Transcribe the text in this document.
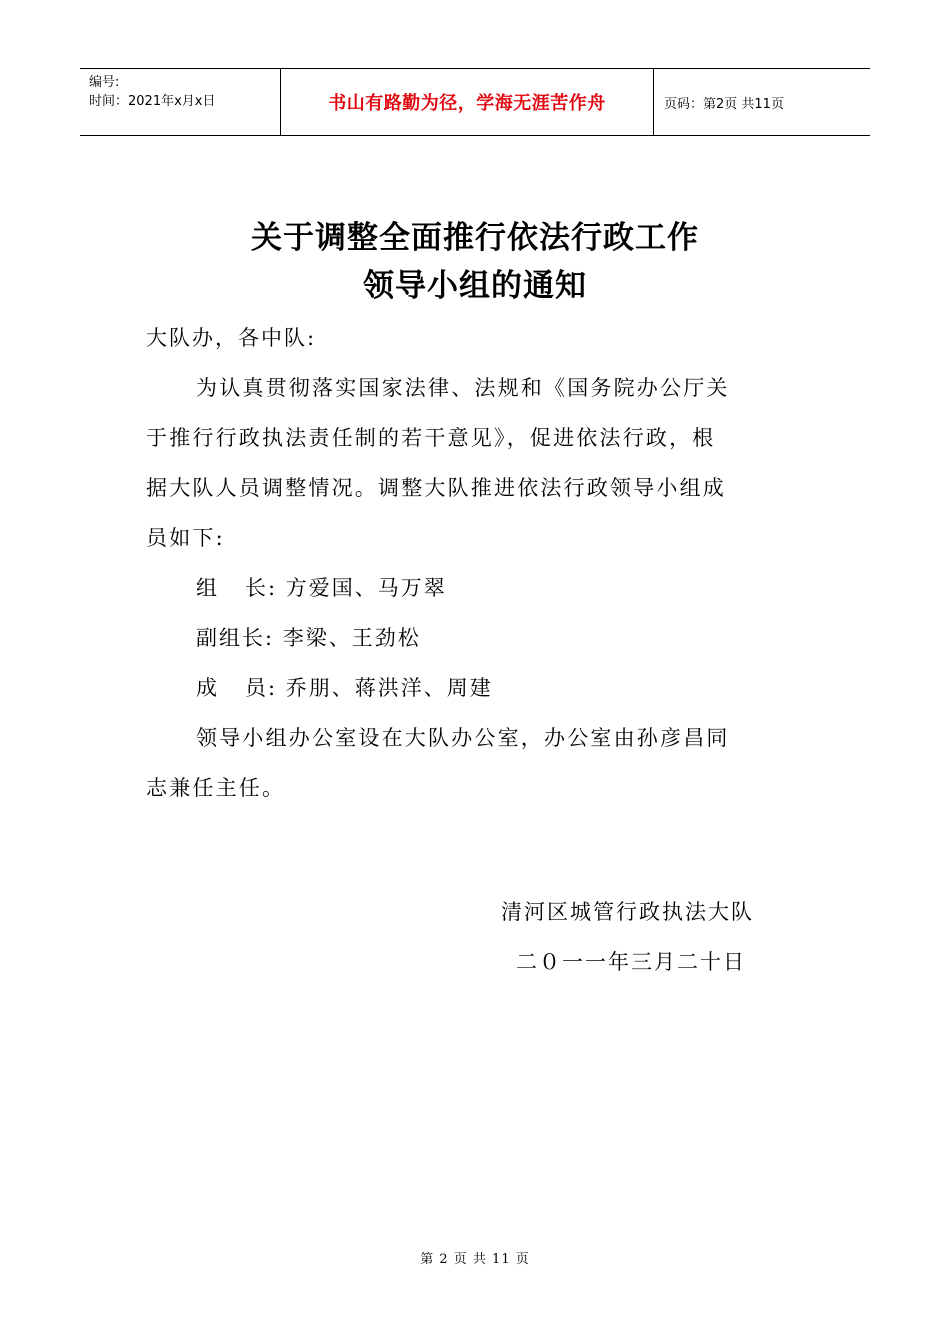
编号:
时间：2021年x月x日	书山有路勤为径，学海无涯苦作舟	页码：第2页 共11页
关于调整全面推行依法行政工作
领导小组的通知
大队办，各中队:
为认真贯彻落实国家法律、法规和《国务院办公厅关
于推行行政执法责任制的若干意见》，促进依法行政，根
据大队人员调整情况。调整大队推进依法行政领导小组成
员如下:
组   长: 方爱国、马万翠
副组长: 李梁、王劲松
成   员: 乔朋、蒋洪洋、周建
领导小组办公室设在大队办公室，办公室由孙彦昌同
志兼任主任。
清河区城管行政执法大队
二０一一年三月二十日
第 2 页 共 11 页
